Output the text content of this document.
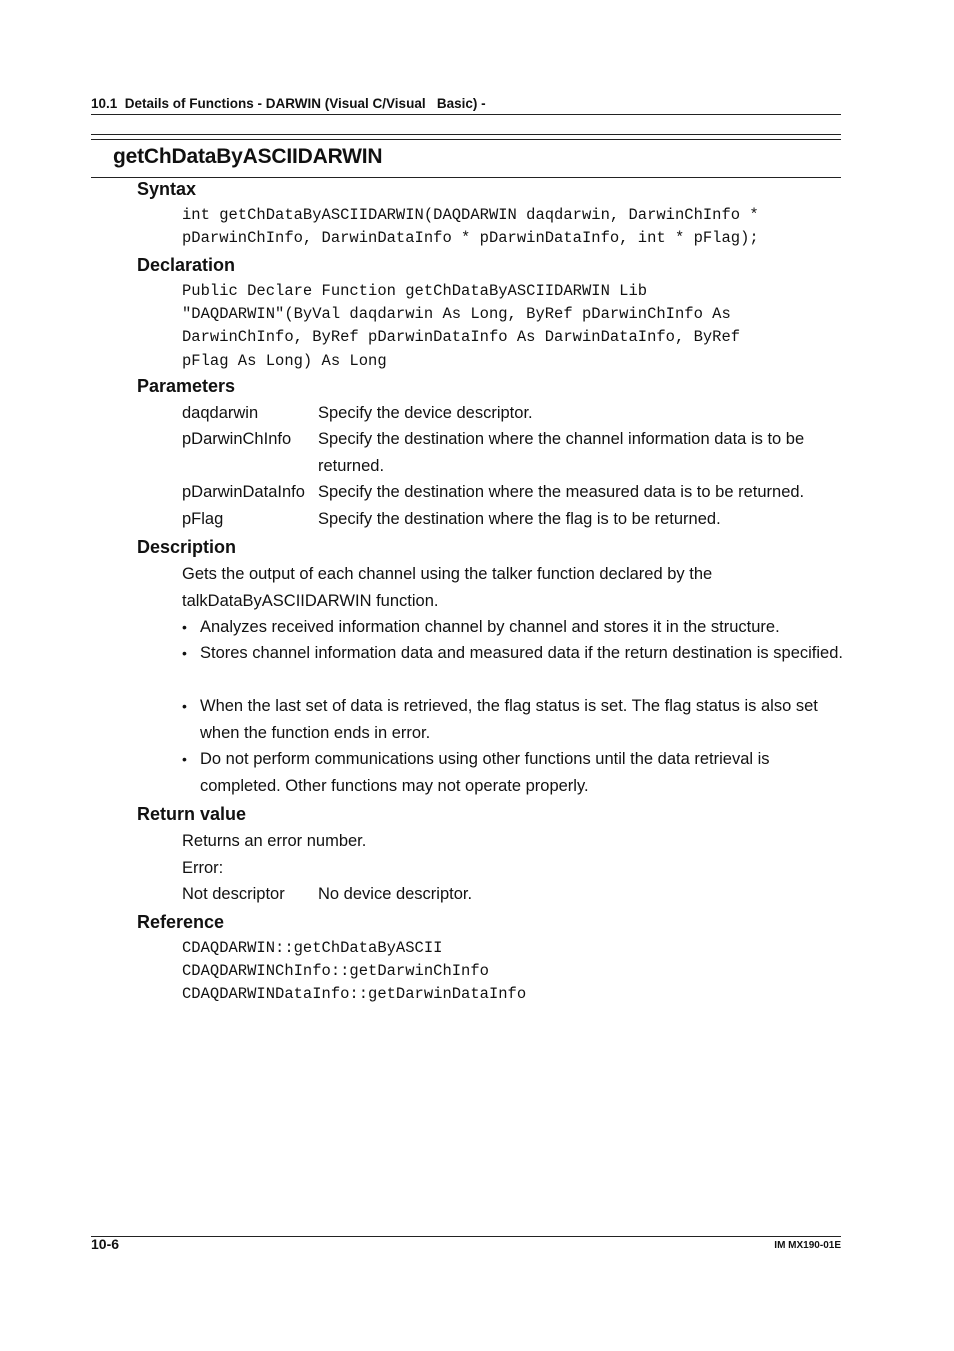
10.1  Details of Functions - DARWIN (Visual C/Visual   Basic) -
getChDataByASCIIDARWIN
Syntax
int getChDataByASCIIDARWIN(DAQDARWIN daqdarwin, DarwinChInfo *
pDarwinChInfo, DarwinDataInfo * pDarwinDataInfo, int * pFlag);
Declaration
Public Declare Function getChDataByASCIIDARWIN Lib
"DAQDARWIN"(ByVal daqdarwin As Long, ByRef pDarwinChInfo As
DarwinChInfo, ByRef pDarwinDataInfo As DarwinDataInfo, ByRef
pFlag As Long) As Long
Parameters
daqdarwin	Specify the device descriptor.
pDarwinChInfo Specify the destination where the channel information data is to be returned.
pDarwinDataInfo Specify the destination where the measured data is to be returned.
pFlag	Specify the destination where the flag is to be returned.
Description
Gets the output of each channel using the talker function declared by the talkDataByASCIIDARWIN function.
• Analyzes received information channel by channel and stores it in the structure.
• Stores channel information data and measured data if the return destination is specified.
• When the last set of data is retrieved, the flag status is set. The flag status is also set when the function ends in error.
• Do not perform communications using other functions until the data retrieval is completed. Other functions may not operate properly.
Return value
Returns an error number.
Error:
Not descriptor No device descriptor.
Reference
CDAQDARWIN::getChDataByASCII
CDAQDARWINChInfo::getDarwinChInfo
CDAQDARWINDataInfo::getDarwinDataInfo
10-6	IM MX190-01E
